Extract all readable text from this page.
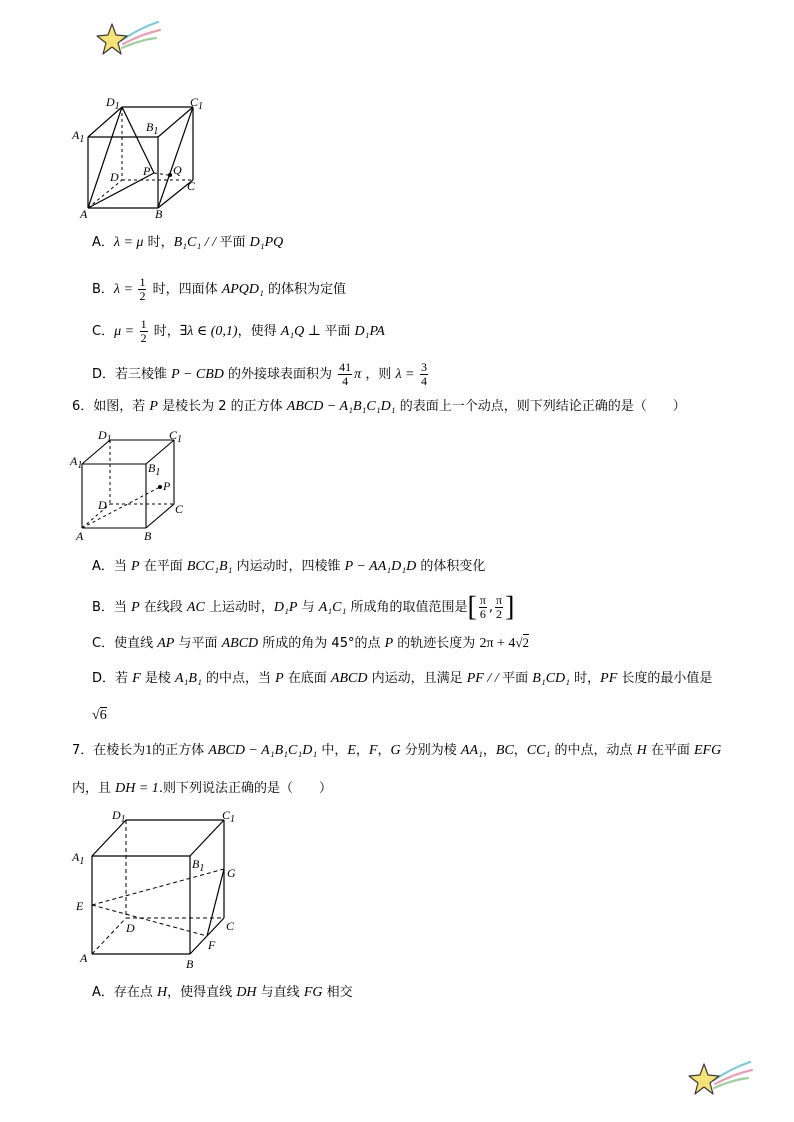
$D_1$	$C_1$
$A_1$
$B_1$
D P Q
C
A	B
A．λ = μ 时，B₁C₁ / / 平面 D₁PQ
B．$\lambda = \frac{1}{2}$ 时，四面体 APQD₁ 的体积为定值
C．$\mu = \frac{1}{2}$ 时，∃λ ∈ (0,1)，使得 A₁Q ⊥ 平面 D₁PA
D．若三棱锥 P − CBD 的外接球表面积为 $\frac{41}{4}$ π ，则 $\lambda = \frac{3}{4}$
6．如图，若 P 是棱长为 2 的正方体 ABCD − A₁B₁C₁D₁ 的表面上一个动点，则下列结论正确的是（　　）
$D_1$	$C_1$
$A_1$	$B_1$
P
D	C
A	B
A．当 P 在平面 BCC₁B₁ 内运动时，四棱锥 P − AA₁D₁D 的体积变化
B．当 P 在线段 AC 上运动时，D₁P 与 A₁C₁ 所成角的取值范围是[ $\frac{\pi}{6}$ , $\frac{\pi}{2}$ ]
C．使直线 AP 与平面 ABCD 所成的角为 45°的点 P 的轨迹长度为 2π + 4√2
D．若 F 是棱 A₁B₁ 的中点，当 P 在底面 ABCD 内运动，且满足 PF / / 平面 B₁CD₁ 时，PF 长度的最小值是
√6
7．在棱长为1的正方体 ABCD − A₁B₁C₁D₁ 中，E，F，G 分别为棱 AA₁，BC，CC₁ 的中点，动点 H 在平面 EFG
内，且 DH = 1.则下列说法正确的是（　　）
$D_1$	$C_1$
$A_1$	$B_1$ G
E
D	C
F
A	B
A．存在点 H，使得直线 DH 与直线 FG 相交
